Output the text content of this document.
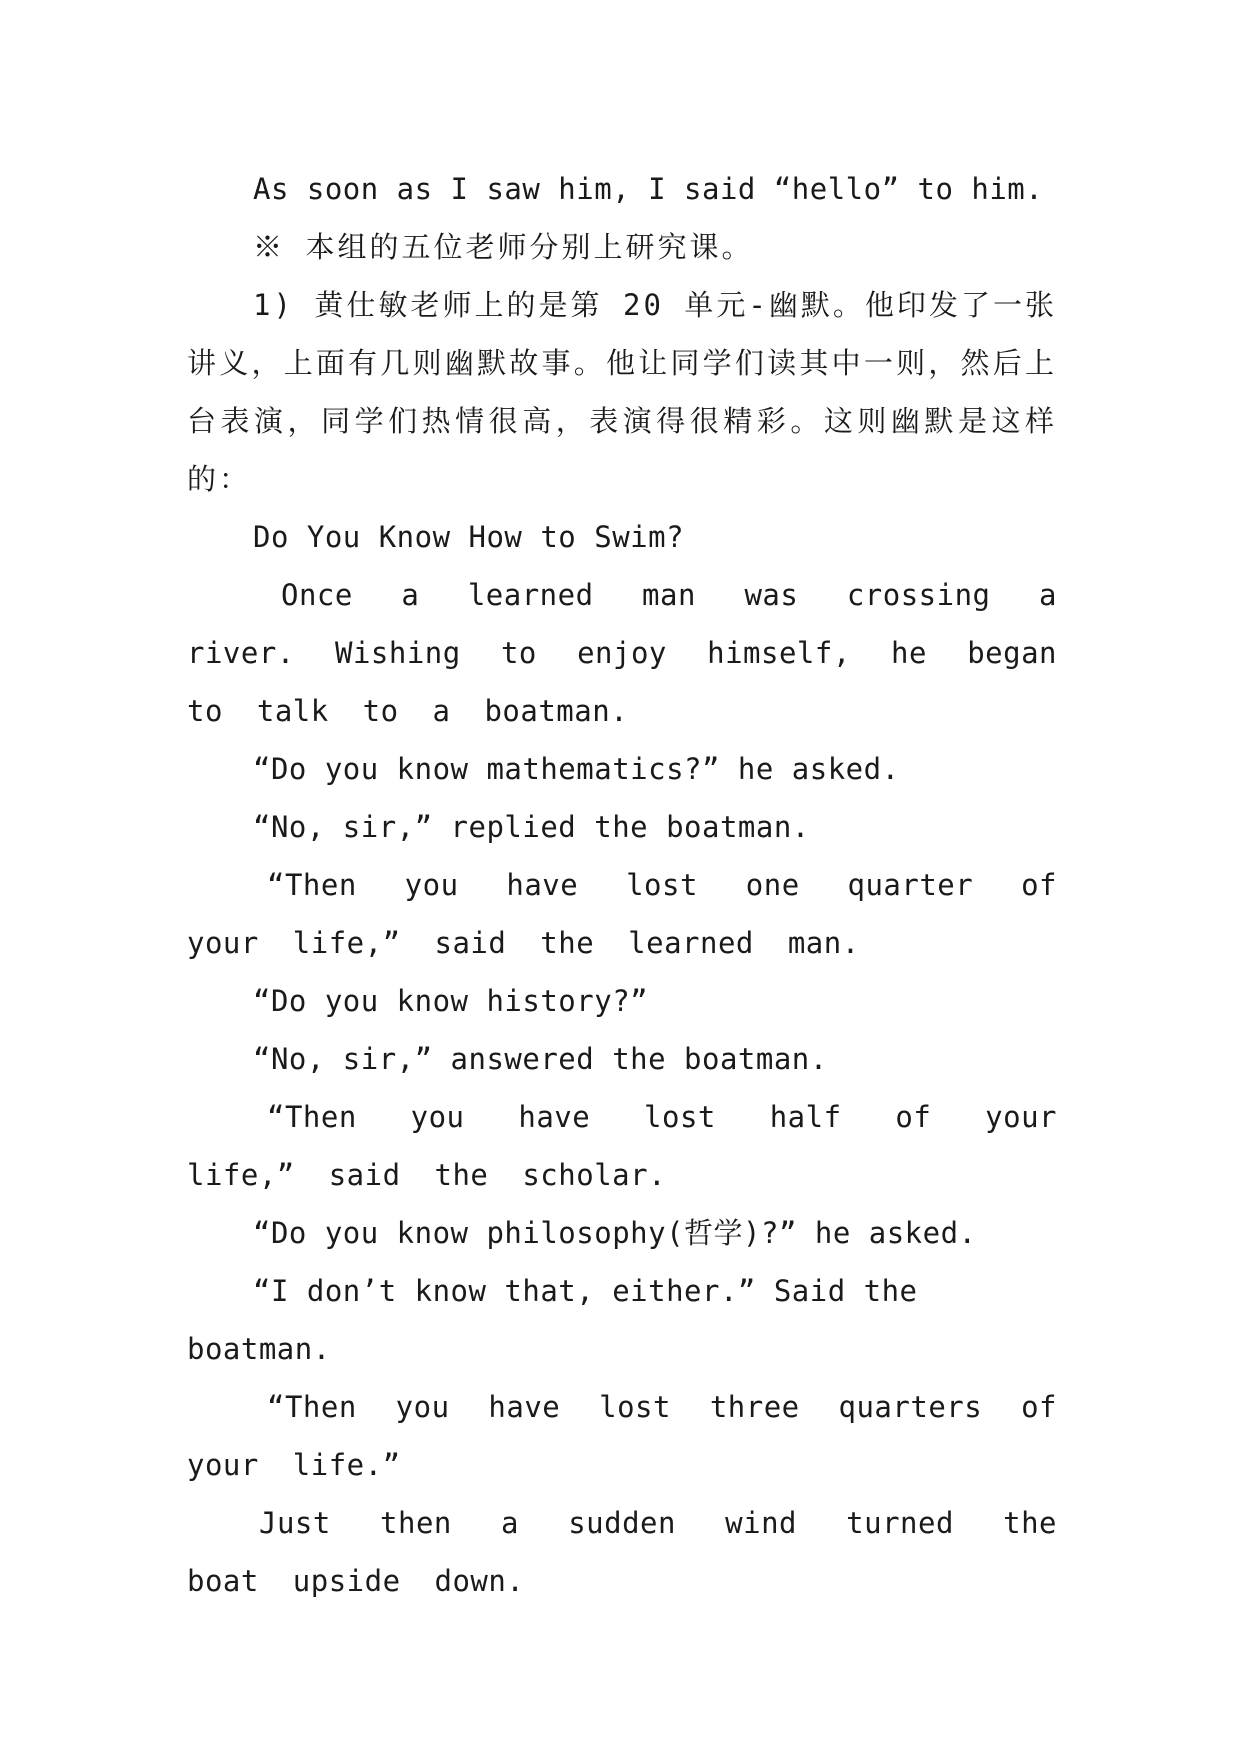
As soon as I saw him, I said “hello” to him.

※ 本组的五位老师分别上研究课。

1) 黄仕敏老师上的是第 20 单元-幽默。他印发了一张讲义，上面有几则幽默故事。他让同学们读其中一则，然后上台表演，同学们热情很高，表演得很精彩。这则幽默是这样的：

Do You Know How to Swim?

Once a learned man was crossing a river. Wishing to enjoy himself, he began to talk to a boatman.

“Do you know mathematics?” he asked.

“No, sir,” replied the boatman.

“Then you have lost one quarter of your life,” said the learned man.

“Do you know history?”

“No, sir,” answered the boatman.

“Then you have lost half of your life,” said the scholar.

“Do you know philosophy(哲学)?” he asked.

“I don’t know that, either.” Said the boatman.

“Then you have lost three quarters of your life.”

Just then a sudden wind turned the boat upside down.
